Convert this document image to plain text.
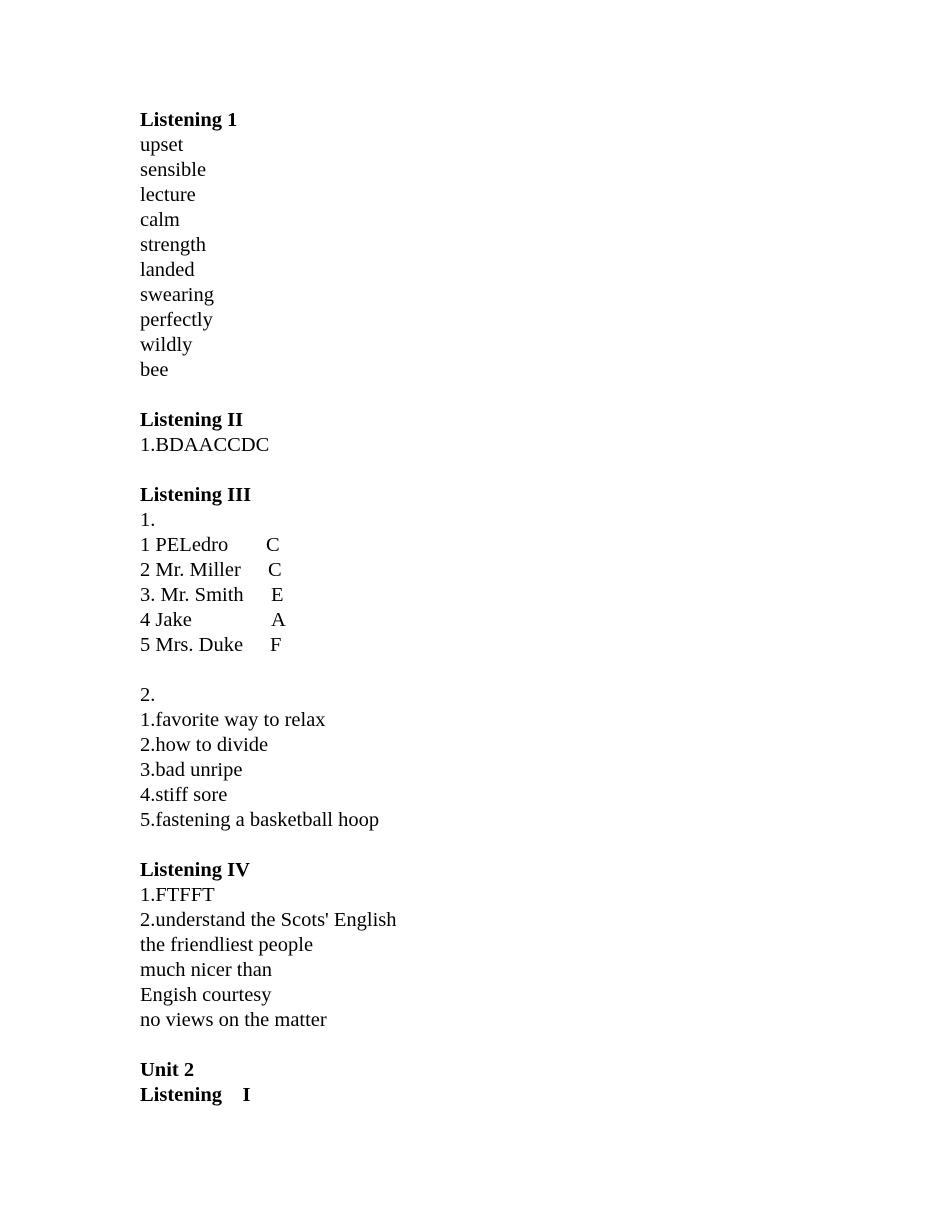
Listening 1
upset
sensible
lecture
calm
strength
landed
swearing
perfectly
wildly
bee
Listening II
1.BDAACCDC
Listening III
1.
1 PELedro	C
2 Mr. Miller	C
3. Mr. Smith	E
4 Jake	A
5 Mrs. Duke	F
2.
1.favorite way to relax
2.how to divide
3.bad unripe
4.stiff sore
5.fastening a basketball hoop
Listening IV
1.FTFFT
2.understand the Scots' English
the friendliest people
much nicer than
Engish courtesy
no views on the matter
Unit 2
Listening    I
